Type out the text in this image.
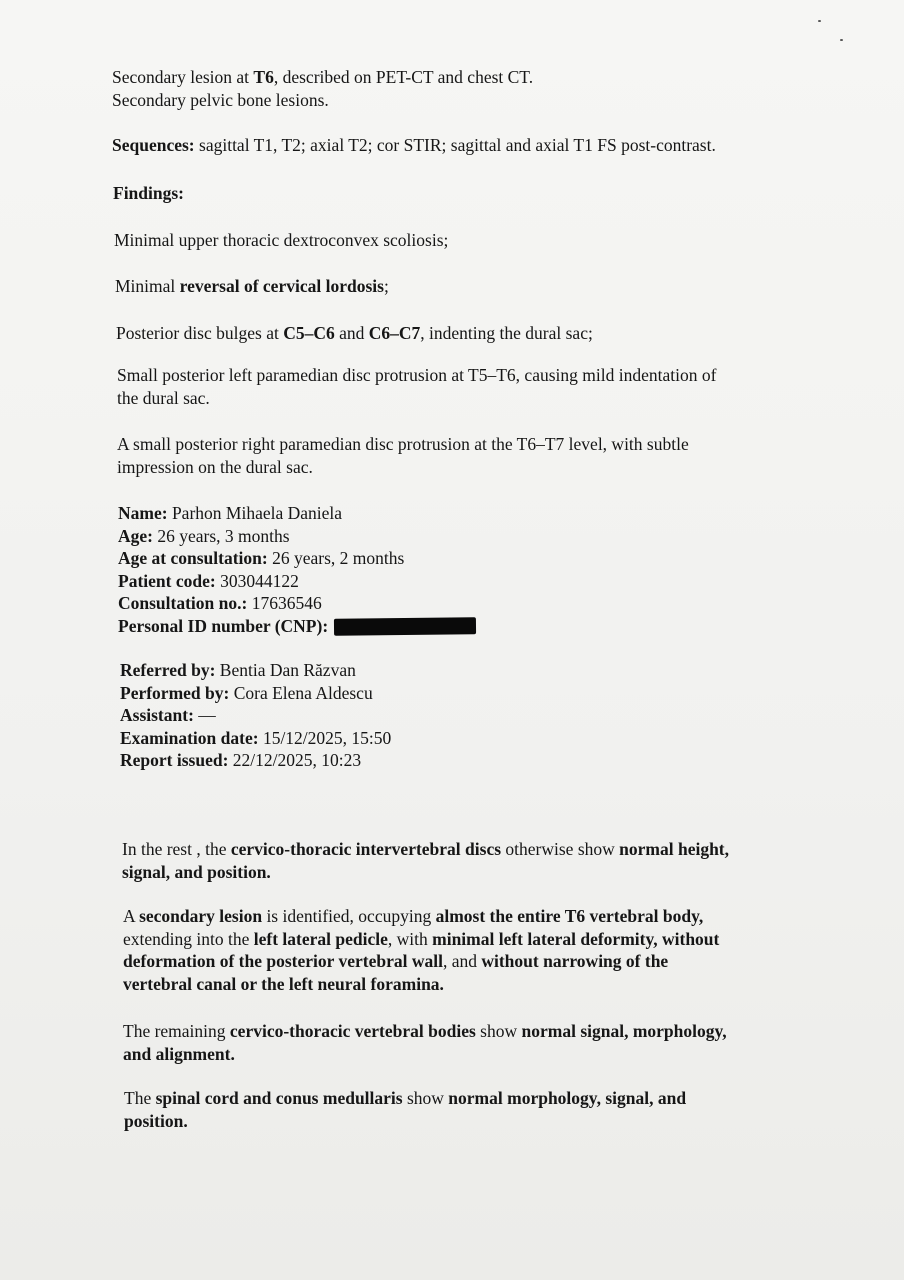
Secondary lesion at T6, described on PET-CT and chest CT.

Secondary pelvic bone lesions.

Sequences: sagittal T1, T2; axial T2; cor STIR; sagittal and axial T1 FS post-contrast.

Findings:

Minimal upper thoracic dextroconvex scoliosis;

Minimal reversal of cervical lordosis;

Posterior disc bulges at C5–C6 and C6–C7, indenting the dural sac;

Small posterior left paramedian disc protrusion at T5–T6, causing mild indentation of

the dural sac.

A small posterior right paramedian disc protrusion at the T6–T7 level, with subtle

impression on the dural sac.

Name: Parhon Mihaela Daniela

Age: 26 years, 3 months

Age at consultation: 26 years, 2 months

Patient code: 303044122

Consultation no.: 17636546

Personal ID number (CNP):

Referred by: Bentia Dan Răzvan

Performed by: Cora Elena Aldescu

Assistant: —

Examination date: 15/12/2025, 15:50

Report issued: 22/12/2025, 10:23

In the rest , the cervico-thoracic intervertebral discs otherwise show normal height,

signal, and position.

A secondary lesion is identified, occupying almost the entire T6 vertebral body,

extending into the left lateral pedicle, with minimal left lateral deformity, without

deformation of the posterior vertebral wall, and without narrowing of the

vertebral canal or the left neural foramina.

The remaining cervico-thoracic vertebral bodies show normal signal, morphology,

and alignment.

The spinal cord and conus medullaris show normal morphology, signal, and

position.
